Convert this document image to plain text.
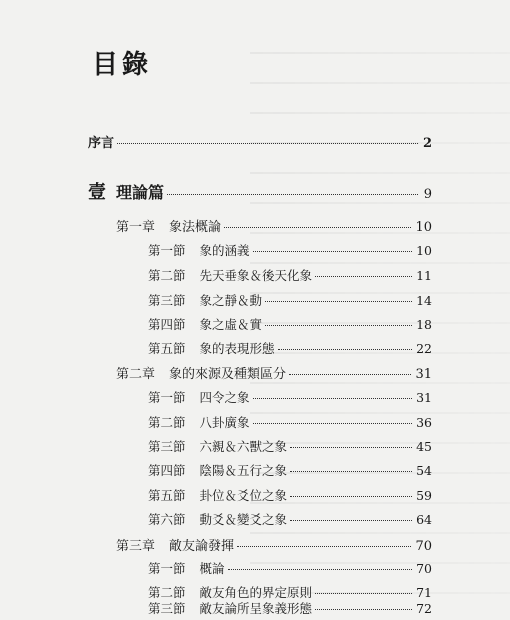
目錄
序言	2
壹 理論篇	9
第一章 象法概論	10
第一節 象的涵義	10
第二節 先天垂象＆後天化象	11
第三節 象之靜＆動	14
第四節 象之虛＆實	18
第五節 象的表現形態	22
第二章 象的來源及種類區分	31
第一節 四令之象	31
第二節 八卦廣象	36
第三節 六親＆六獸之象	45
第四節 陰陽＆五行之象	54
第五節 卦位＆爻位之象	59
第六節 動爻＆變爻之象	64
第三章 敵友論發揮	70
第一節 概論	70
第二節 敵友角色的界定原則	71
第三節 敵友論所呈象義形態	72
